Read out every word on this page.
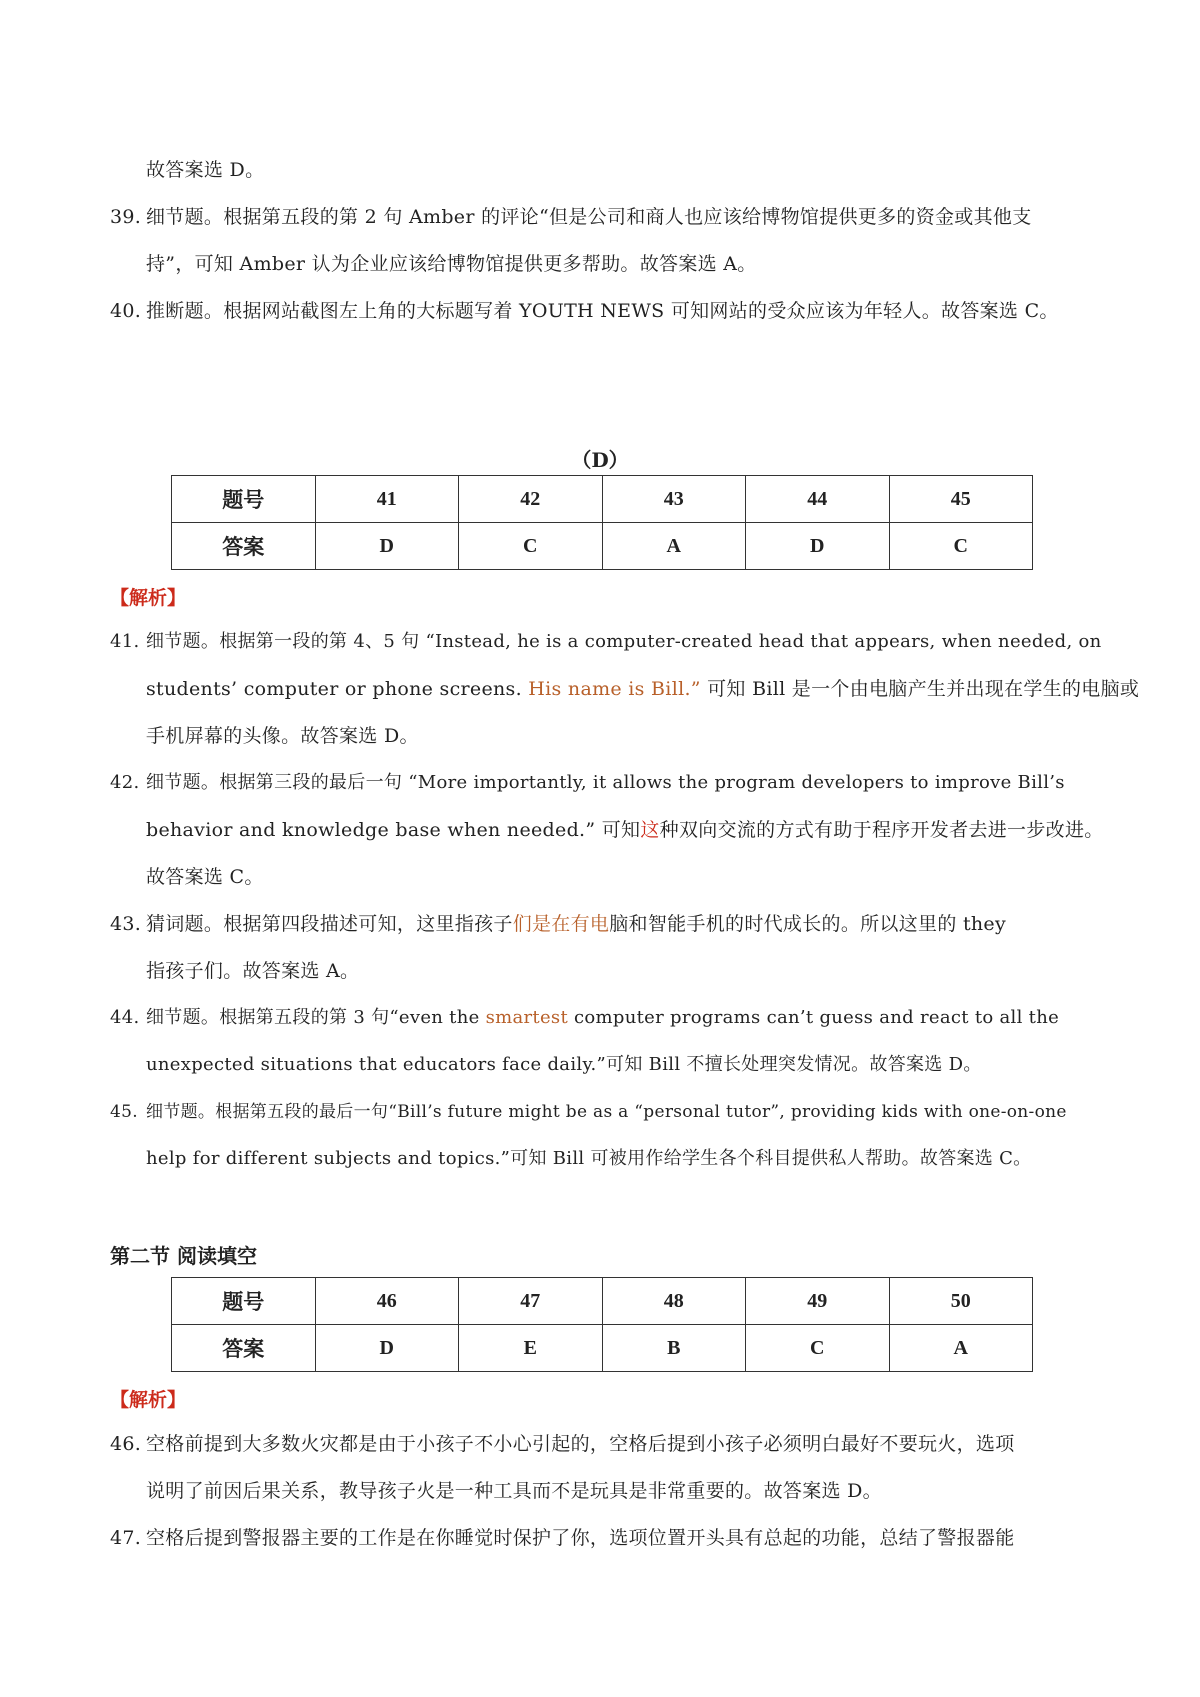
故答案选 D。
39. 细节题。根据第五段的第 2 句 Amber 的评论“但是公司和商人也应该给博物馆提供更多的资金或其他支
持”，可知 Amber 认为企业应该给博物馆提供更多帮助。故答案选 A。
40. 推断题。根据网站截图左上角的大标题写着 YOUTH NEWS 可知网站的受众应该为年轻人。故答案选 C。
（D）
题号	41	42	43	44	45
答案	D	C	A	D	C
【解析】
41. 细节题。根据第一段的第 4、5 句 “Instead, he is a computer-created head that appears, when needed, on
students’ computer or phone screens. His name is Bill.” 可知 Bill 是一个由电脑产生并出现在学生的电脑或
手机屏幕的头像。故答案选 D。
42. 细节题。根据第三段的最后一句 “More importantly, it allows the program developers to improve Bill’s
behavior and knowledge base when needed.” 可知这种双向交流的方式有助于程序开发者去进一步改进。
故答案选 C。
43. 猜词题。根据第四段描述可知，这里指孩子们是在有电脑和智能手机的时代成长的。所以这里的 they
指孩子们。故答案选 A。
44. 细节题。根据第五段的第 3 句“even the smartest computer programs can’t guess and react to all the
unexpected situations that educators face daily.”可知 Bill 不擅长处理突发情况。故答案选 D。
45. 细节题。根据第五段的最后一句“Bill’s future might be as a “personal tutor”, providing kids with one-on-one
help for different subjects and topics.”可知 Bill 可被用作给学生各个科目提供私人帮助。故答案选 C。
第二节 阅读填空
题号	46	47	48	49	50
答案	D	E	B	C	A
【解析】
46. 空格前提到大多数火灾都是由于小孩子不小心引起的，空格后提到小孩子必须明白最好不要玩火，选项
说明了前因后果关系，教导孩子火是一种工具而不是玩具是非常重要的。故答案选 D。
47. 空格后提到警报器主要的工作是在你睡觉时保护了你，选项位置开头具有总起的功能，总结了警报器能
